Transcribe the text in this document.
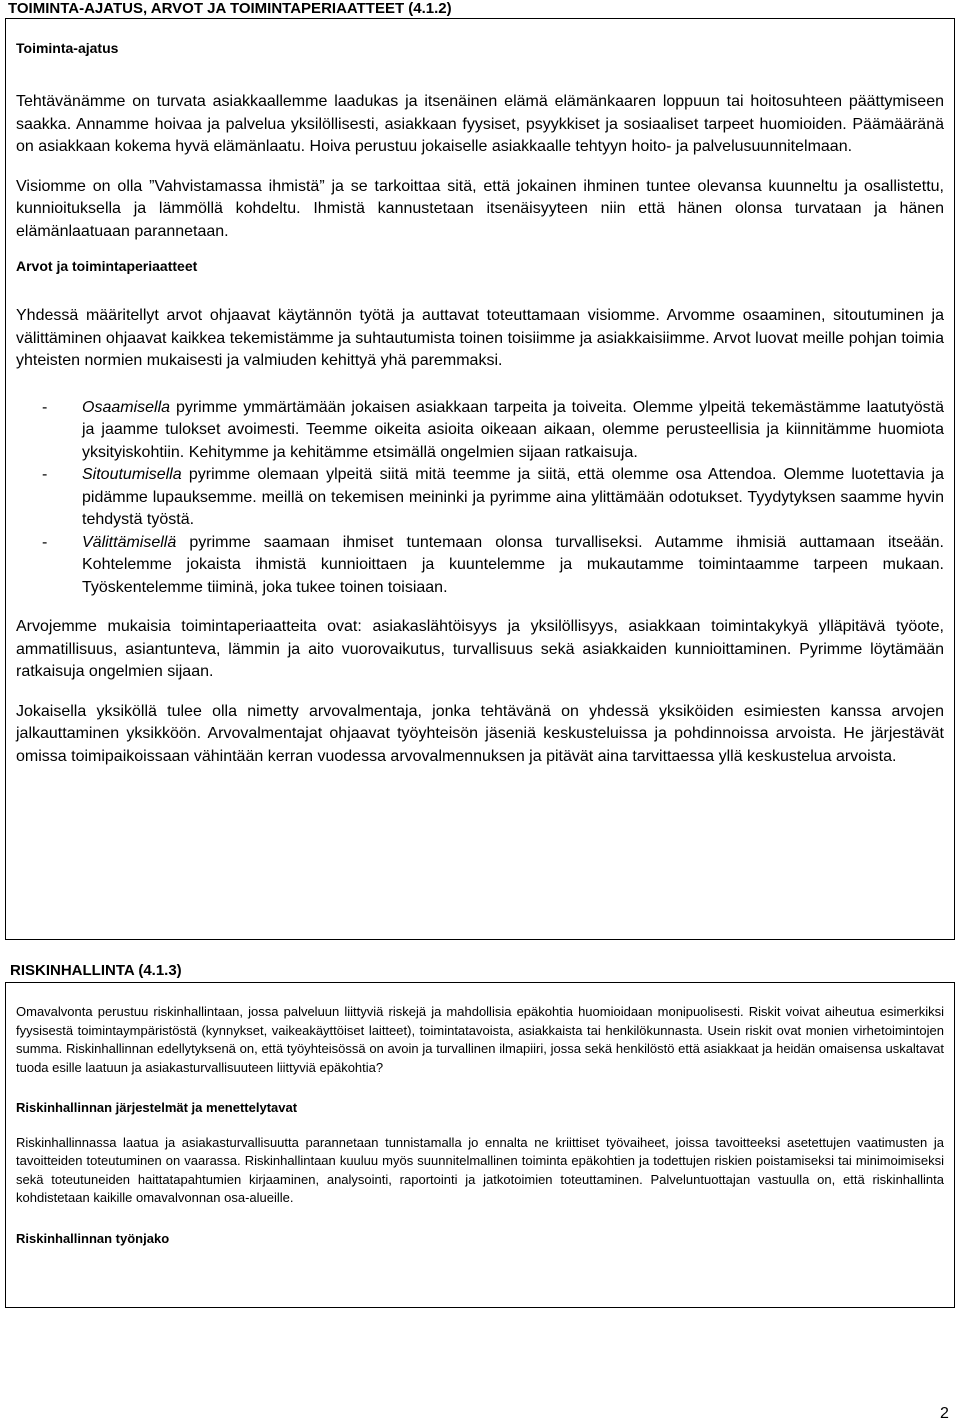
TOIMINTA-AJATUS, ARVOT JA TOIMINTAPERIAATTEET (4.1.2)

Toiminta-ajatus

Tehtävänämme on turvata asiakkaallemme laadukas ja itsenäinen elämä elämänkaaren loppuun tai hoitosuhteen päättymiseen saakka. Annamme hoivaa ja palvelua yksilöllisesti, asiakkaan fyysiset, psyykkiset ja sosiaaliset tarpeet huomioiden. Päämääränä on asiakkaan kokema hyvä elämänlaatu. Hoiva perustuu jokaiselle asiakkaalle tehtyyn hoito- ja palvelusuunnitelmaan.

Visiomme on olla ”Vahvistamassa ihmistä” ja se tarkoittaa sitä, että jokainen ihminen tuntee olevansa kuunneltu ja osallistettu, kunnioituksella ja lämmöllä kohdeltu. Ihmistä kannustetaan itsenäisyyteen niin että hänen olonsa turvataan ja hänen elämänlaatuaan parannetaan.

Arvot ja toimintaperiaatteet

Yhdessä määritellyt arvot ohjaavat käytännön työtä ja auttavat toteuttamaan visiomme. Arvomme osaaminen, sitoutuminen ja välittäminen ohjaavat kaikkea tekemistämme ja suhtautumista toinen toisiimme ja asiakkaisiimme. Arvot luovat meille pohjan toimia yhteisten normien mukaisesti ja valmiuden kehittyä yhä paremmaksi.

- Osaamisella pyrimme ymmärtämään jokaisen asiakkaan tarpeita ja toiveita. Olemme ylpeitä tekemästämme laatutyöstä ja jaamme tulokset avoimesti. Teemme oikeita asioita oikeaan aikaan, olemme perusteellisia ja kiinnitämme huomiota yksityiskohtiin. Kehitymme ja kehitämme etsimällä ongelmien sijaan ratkaisuja.
- Sitoutumisella pyrimme olemaan ylpeitä siitä mitä teemme ja siitä, että olemme osa Attendoa. Olemme luotettavia ja pidämme lupauksemme. meillä on tekemisen meininki ja pyrimme aina ylittämään odotukset. Tyydytyksen saamme hyvin tehdystä työstä.
- Välittämisellä pyrimme saamaan ihmiset tuntemaan olonsa turvalliseksi. Autamme ihmisiä auttamaan itseään. Kohtelemme jokaista ihmistä kunnioittaen ja kuuntelemme ja mukautamme toimintaamme tarpeen mukaan. Työskentelemme tiiminä, joka tukee toinen toisiaan.

Arvojemme mukaisia toimintaperiaatteita ovat: asiakaslähtöisyys ja yksilöllisyys, asiakkaan toimintakykyä ylläpitävä työote, ammatillisuus, asiantunteva, lämmin ja aito vuorovaikutus, turvallisuus sekä asiakkaiden kunnioittaminen. Pyrimme löytämään ratkaisuja ongelmien sijaan.

Jokaisella yksiköllä tulee olla nimetty arvovalmentaja, jonka tehtävänä on yhdessä yksiköiden esimiesten kanssa arvojen jalkauttaminen yksikköön. Arvovalmentajat ohjaavat työyhteisön jäseniä keskusteluissa ja pohdinnoissa arvoista. He järjestävät omissa toimipaikoissaan vähintään kerran vuodessa arvovalmennuksen ja pitävät aina tarvittaessa yllä keskustelua arvoista.

RISKINHALLINTA (4.1.3)

Omavalvonta perustuu riskinhallintaan, jossa palveluun liittyviä riskejä ja mahdollisia epäkohtia huomioidaan monipuolisesti. Riskit voivat aiheutua esimerkiksi fyysisestä toimintaympäristöstä (kynnykset, vaikeakäyttöiset laitteet), toimintatavoista, asiakkaista tai henkilökunnasta. Usein riskit ovat monien virhetoimintojen summa. Riskinhallinnan edellytyksenä on, että työyhteisössä on avoin ja turvallinen ilmapiiri, jossa sekä henkilöstö että asiakkaat ja heidän omaisensa uskaltavat tuoda esille laatuun ja asiakasturvallisuuteen liittyviä epäkohtia?

Riskinhallinnan järjestelmät ja menettelytavat

Riskinhallinnassa laatua ja asiakasturvallisuutta parannetaan tunnistamalla jo ennalta ne kriittiset työvaiheet, joissa tavoitteeksi asetettujen vaatimusten ja tavoitteiden toteutuminen on vaarassa. Riskinhallintaan kuuluu myös suunnitelmallinen toiminta epäkohtien ja todettujen riskien poistamiseksi tai minimoimiseksi sekä toteutuneiden haittatapahtumien kirjaaminen, analysointi, raportointi ja jatkotoimien toteuttaminen. Palveluntuottajan vastuulla on, että riskinhallinta kohdistetaan kaikille omavalvonnan osa-alueille.

Riskinhallinnan työnjako

2
